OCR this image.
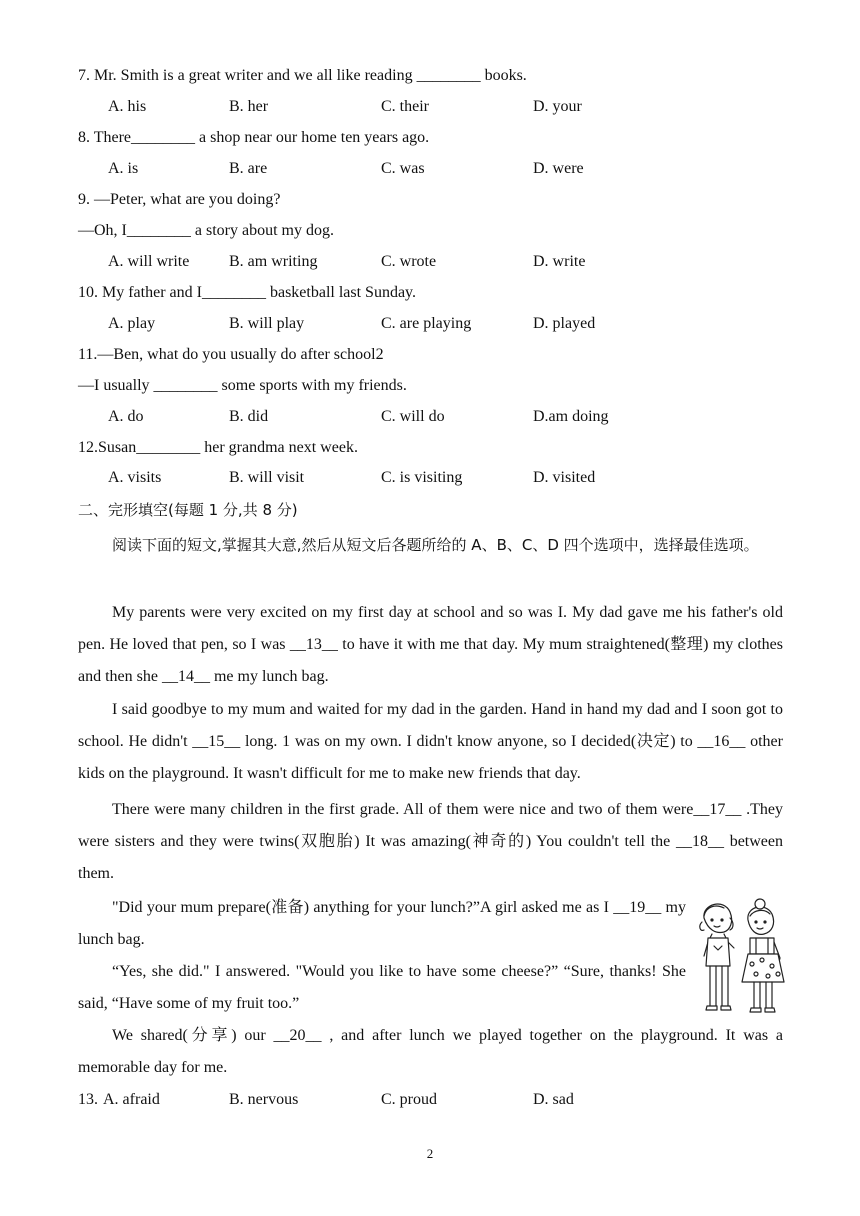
7. Mr. Smith is a great writer and we all like reading ________ books.
A. his	B. her	C. their	D. your
8. There________ a shop near our home ten years ago.
A. is	B. are	C. was	D. were
9. —Peter, what are you doing?
—Oh, I________ a story about my dog.
A. will write B. am writing	C. wrote	D. write
10. My father and I________ basketball last Sunday.
A. play	B. will play	C. are playing	D. played
11.—Ben, what do you usually do after school2
—I usually ________ some sports with my friends.
A. do	B. did	C. will do	D.am doing
12.Susan________ her grandma next week.
A. visits	B. will visit	C. is visiting	D. visited
二、完形填空(每题 1 分,共 8 分)
阅读下面的短文,掌握其大意,然后从短文后各题所给的 A、B、C、D 四个选项中，选择最佳选项。
My parents were very excited on my first day at school and so was I. My dad gave me his father's old pen. He loved that pen, so I was __13__ to have it with me that day. My mum straightened(整理) my clothes and then she __14__ me my lunch bag.
I said goodbye to my mum and waited for my dad in the garden. Hand in hand my dad and I soon got to school. He didn't __15__ long. 1 was on my own. I didn't know anyone, so I decided(决定) to __16__ other kids on the playground. It wasn't difficult for me to make new friends that day.
There were many children in the first grade. All of them were nice and two of them were__17__ .They were sisters and they were twins(双胞胎) It was amazing(神奇的) You couldn't tell the __18__ between them.
"Did your mum prepare(准备) anything for your lunch?”A girl asked me as I __19__ my lunch bag.
“Yes, she did." I answered. "Would you like to have some cheese?” “Sure, thanks! She said, “Have some of my fruit too.”
We shared(分享) our __20__ , and after lunch we played together on the playground. It was a memorable day for me.
13. A. afraid	B. nervous	C. proud	D. sad
2
